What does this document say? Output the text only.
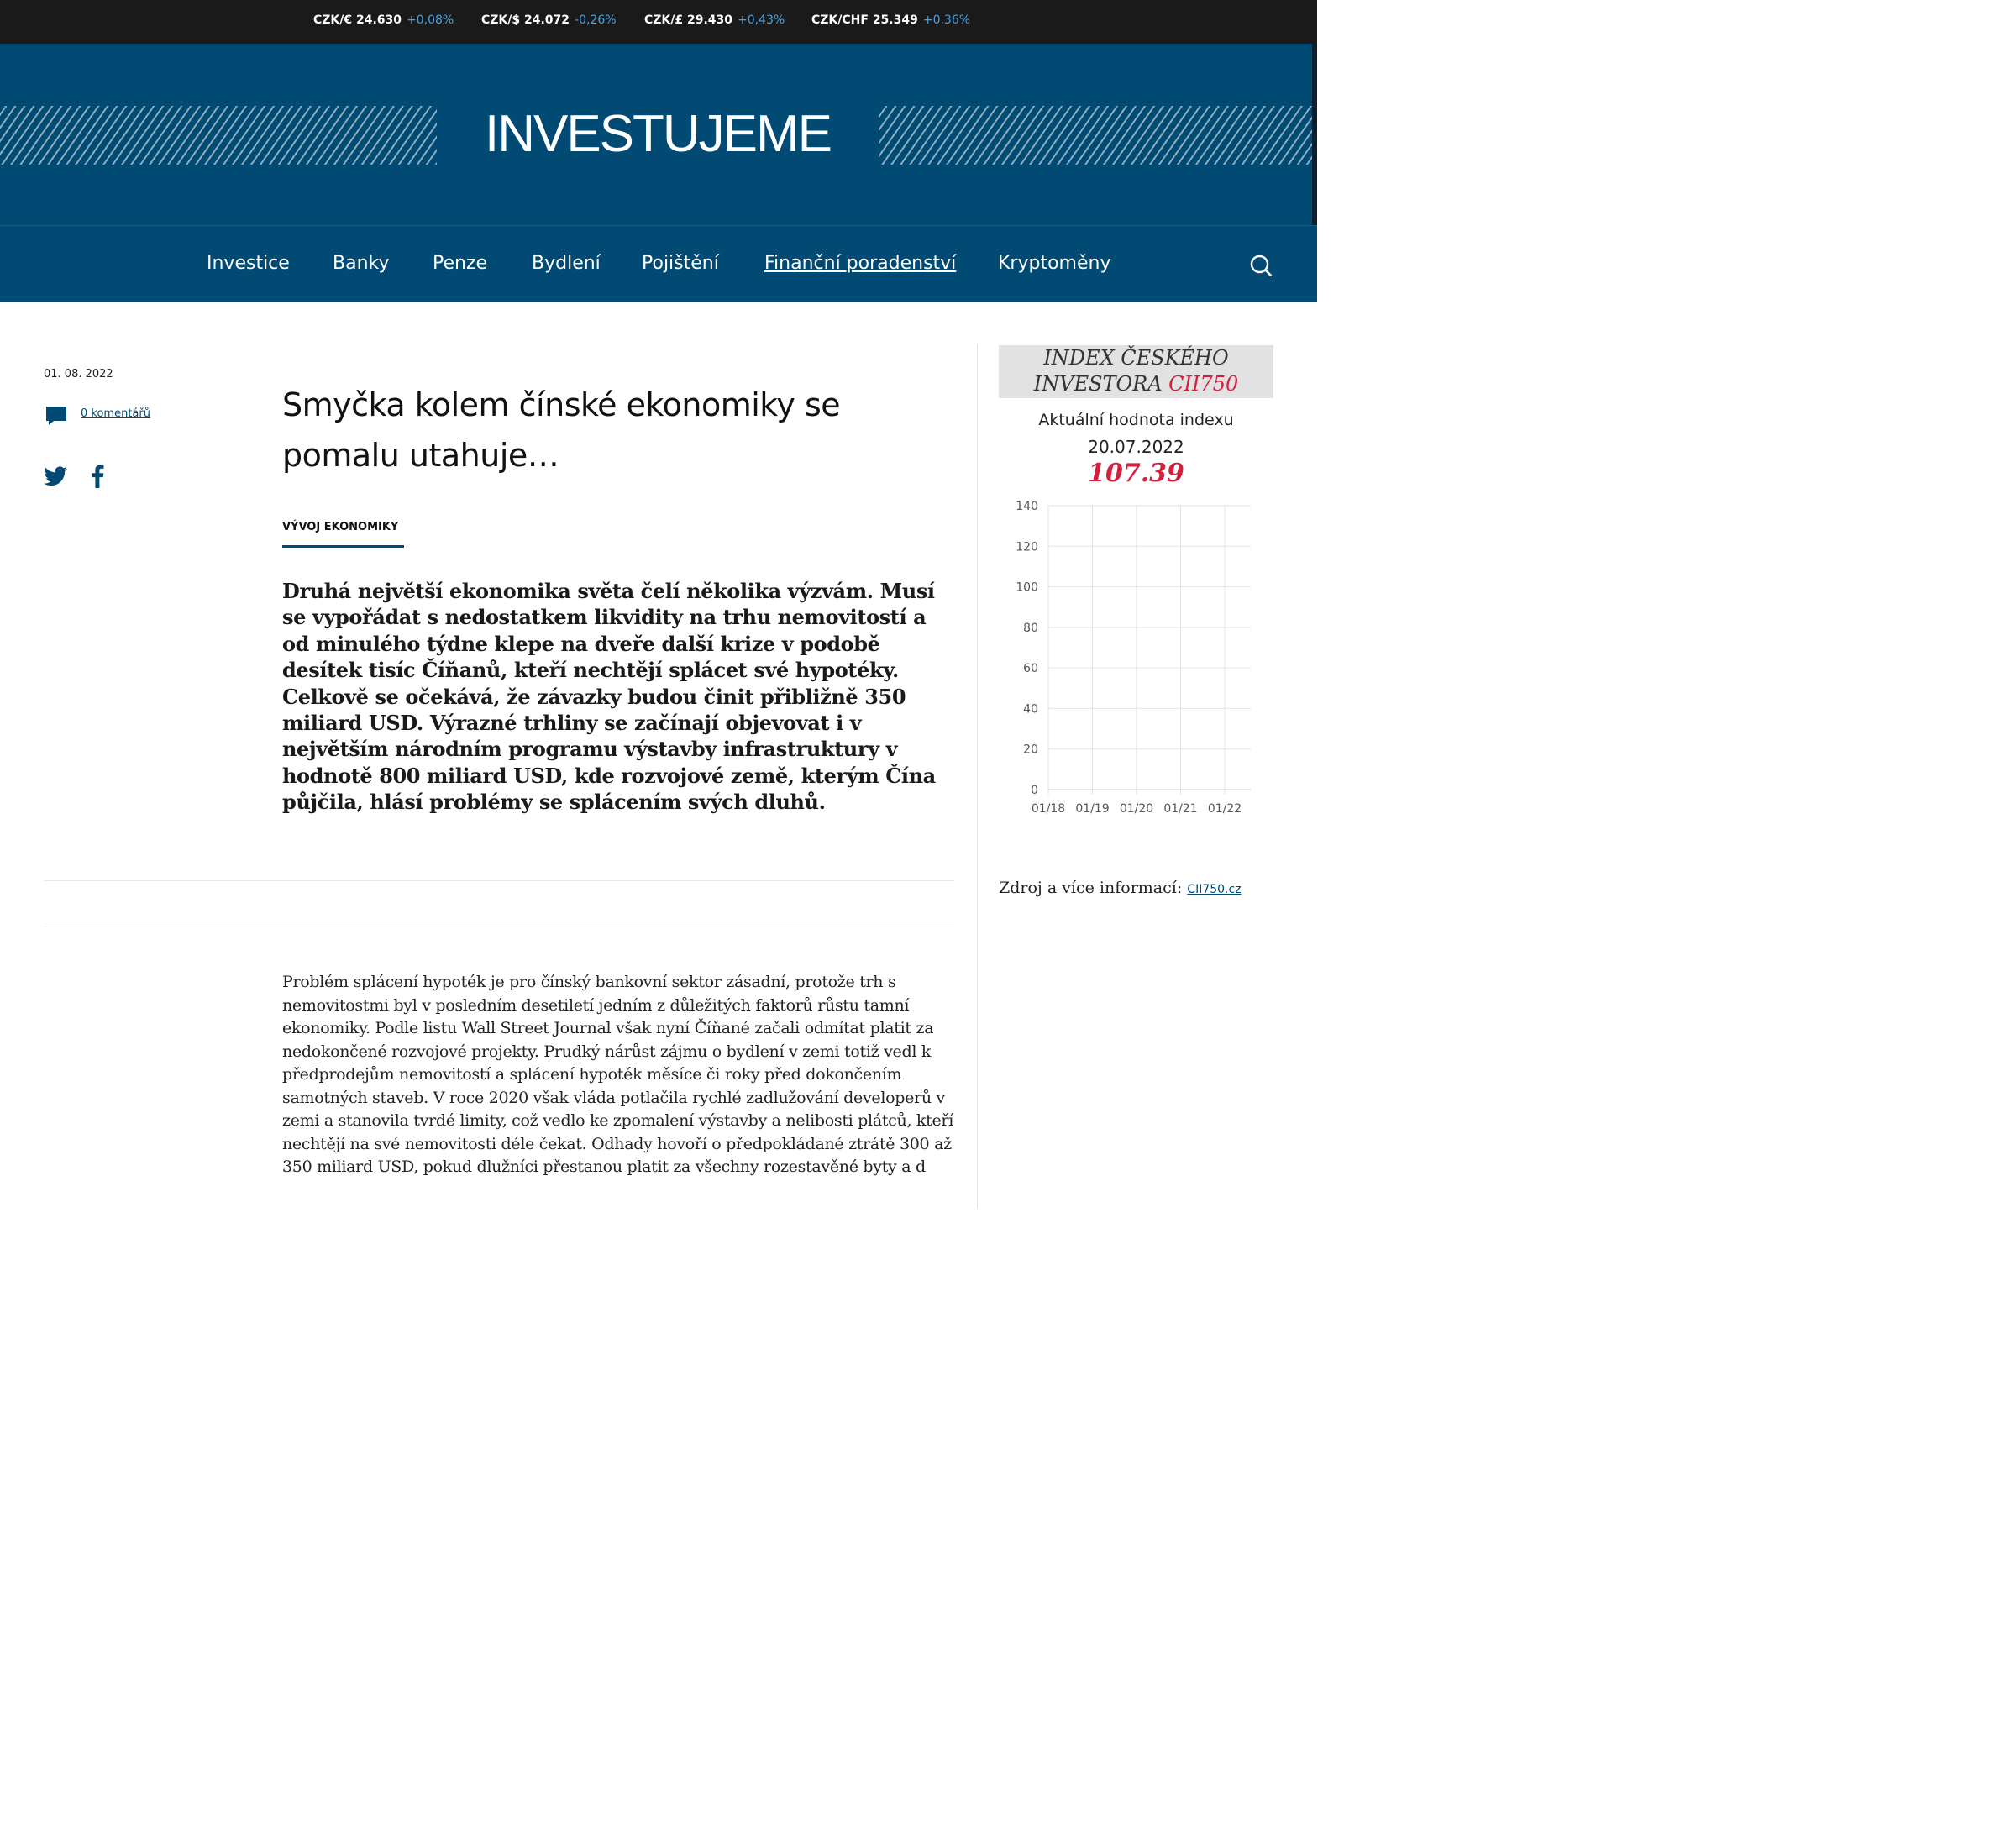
CZK/€ 24.630 +0,08% CZK/$ 24.072 -0,26% CZK/£ 29.430 +0,43% CZK/CHF 25.349 +0,36%
INVESTUJEME
Investice Banky Penze Bydlení Pojištění Finanční poradenství Kryptoměny
01. 08. 2022
0 komentářů	Smyčka kolem čínské ekonomiky se pomalu utahuje…
VÝVOJ EKONOMIKY

Druhá největší ekonomika světa čelí několika výzvám. Musí se vypořádat s nedostatkem likvidity na trhu nemovitostí a od minulého týdne klepe na dveře další krize v podobě desítek tisíc Číňanů, kteří nechtějí splácet své hypotéky. Celkově se očekává, že závazky budou činit přibližně 350 miliard USD. Výrazné trhliny se začínají objevovat i v největším národním programu výstavby infrastruktury v hodnotě 800 miliard USD, kde rozvojové země, kterým Čína půjčila, hlásí problémy se splácením svých dluhů.

Problém splácení hypoték je pro čínský bankovní sektor zásadní, protože trh s nemovitostmi byl v posledním desetiletí jedním z důležitých faktorů růstu tamní ekonomiky. Podle listu Wall Street Journal však nyní Číňané začali odmítat platit za nedokončené rozvojové projekty. Prudký nárůst zájmu o bydlení v zemi totiž vedl k předprodejům nemovitostí a splácení hypoték měsíce či roky před dokončením samotných staveb. V roce 2020 však vláda potlačila rychlé zadlužování developerů v zemi a stanovila tvrdé limity, což vedlo ke zpomalení výstavby a nelibosti plátců, kteří nechtějí na své nemovitosti déle čekat. Odhady hovoří o předpokládané ztrátě 300 až 350 miliard USD, pokud dlužníci přestanou platit za všechny rozestavěné byty a d

INDEX ČESKÉHO
INVESTORA CII750
Aktuální hodnota indexu
20.07.2022
107.39
0
20
40
60
80
100
120
140
01/18 01/19 01/20 01/21 01/22
Zdroj a více informací: CII750.cz
